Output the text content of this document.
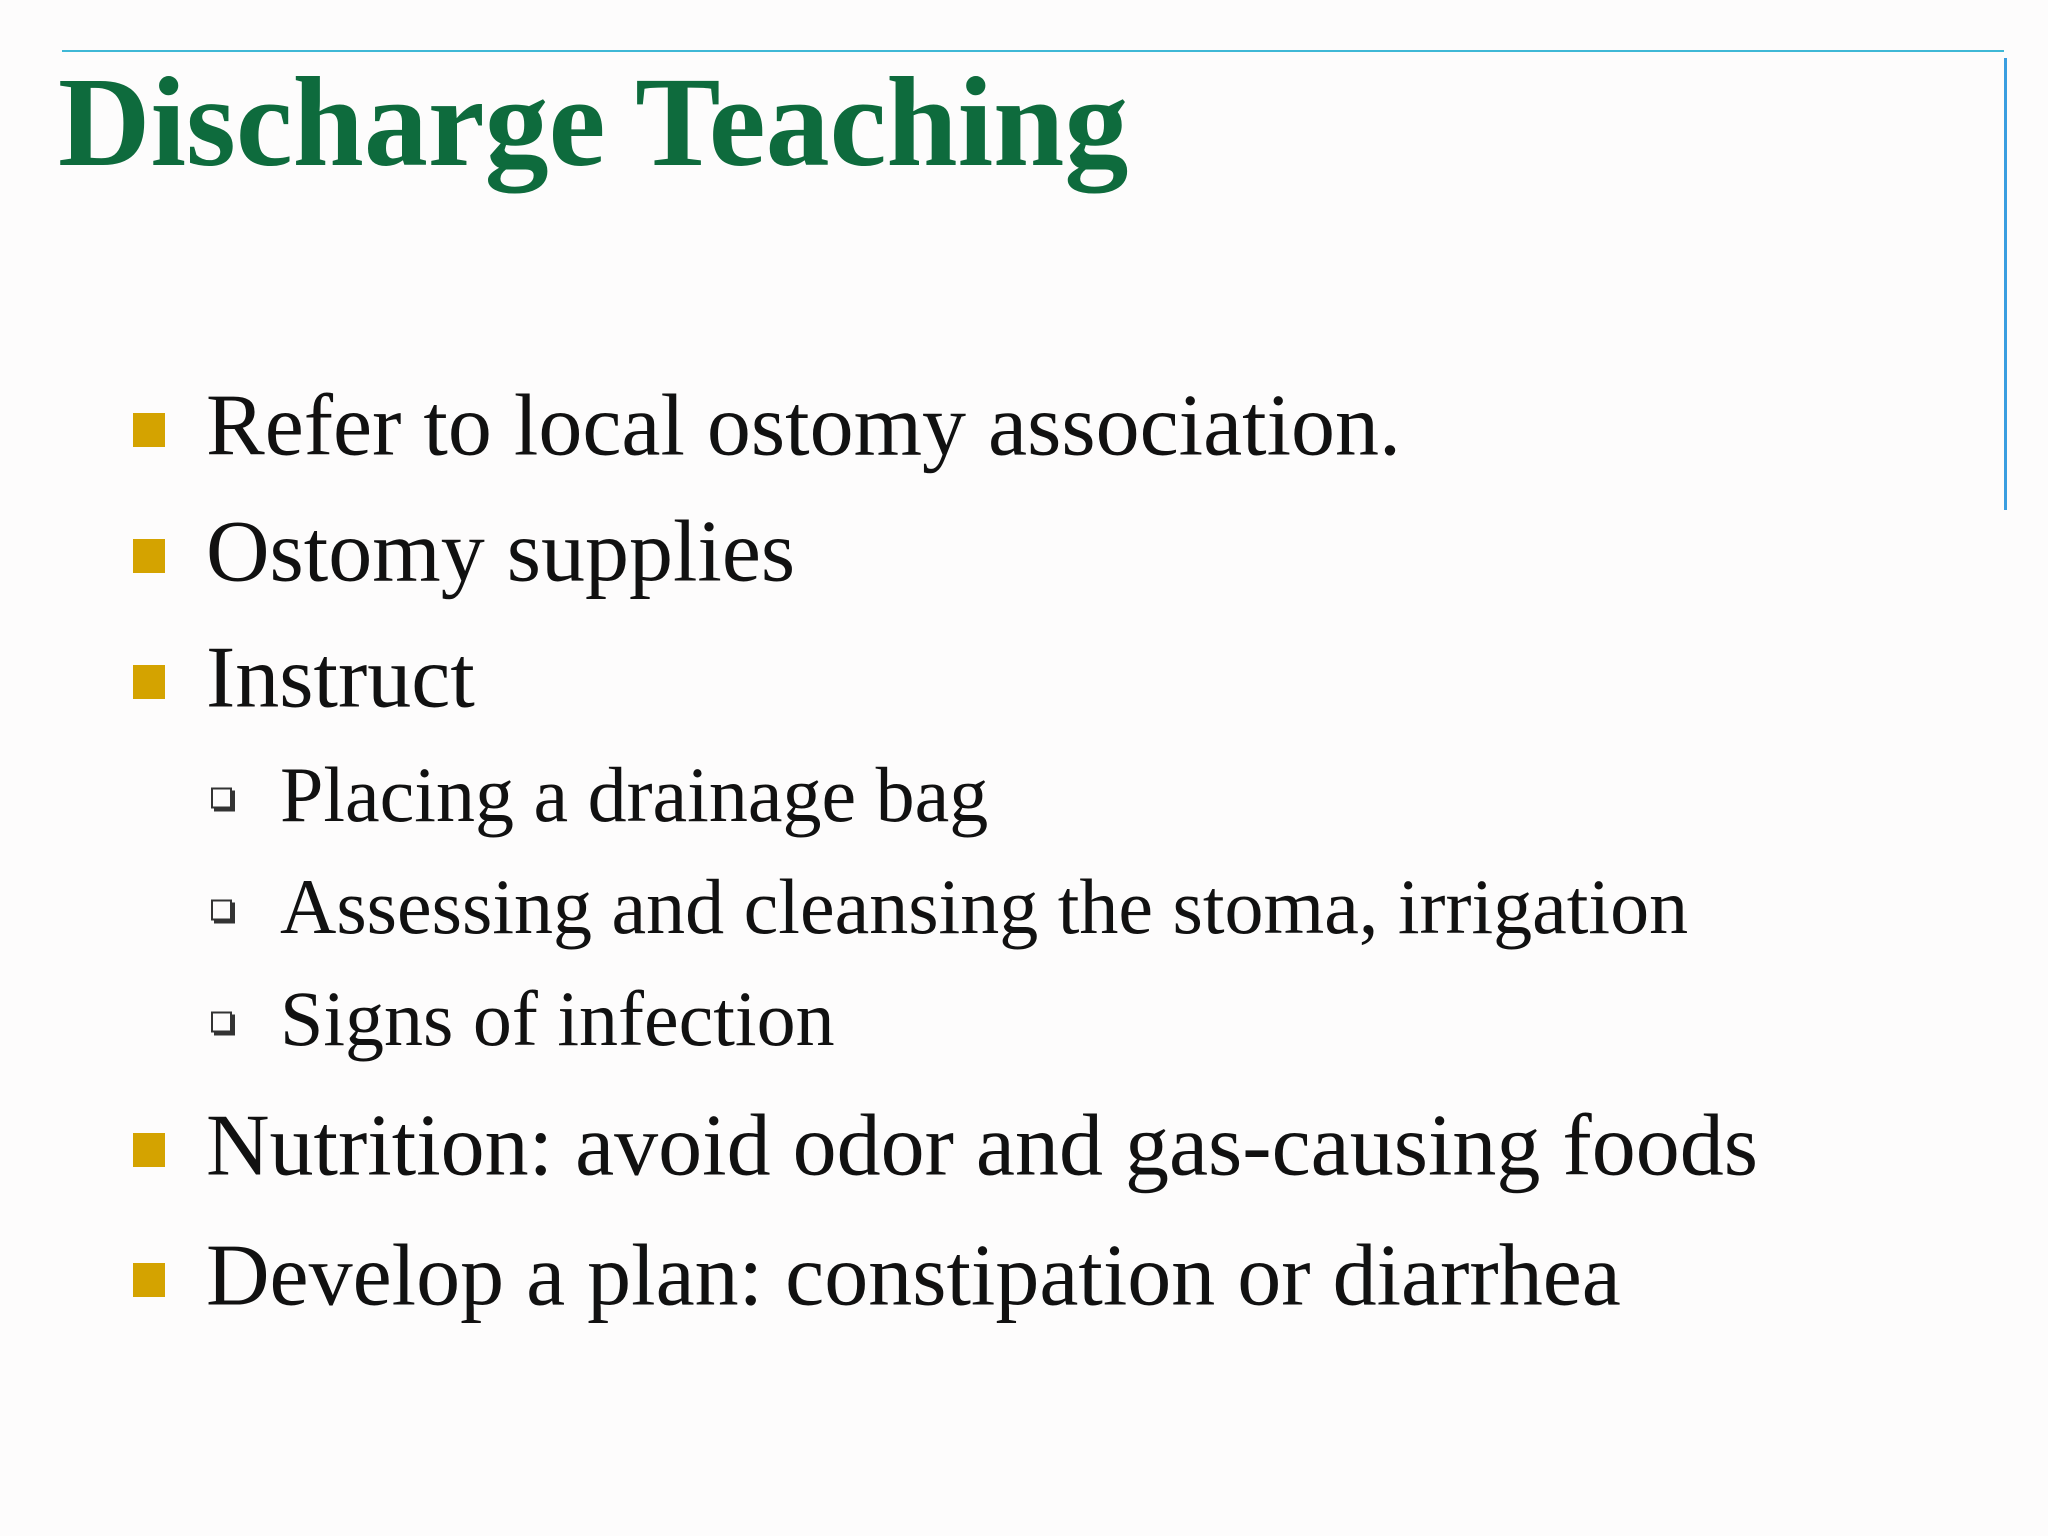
Discharge Teaching
Refer to local ostomy association.
Ostomy supplies
Instruct
Placing a drainage bag
Assessing and cleansing the stoma, irrigation
Signs of infection
Nutrition: avoid odor and gas-causing foods
Develop a plan: constipation or diarrhea
